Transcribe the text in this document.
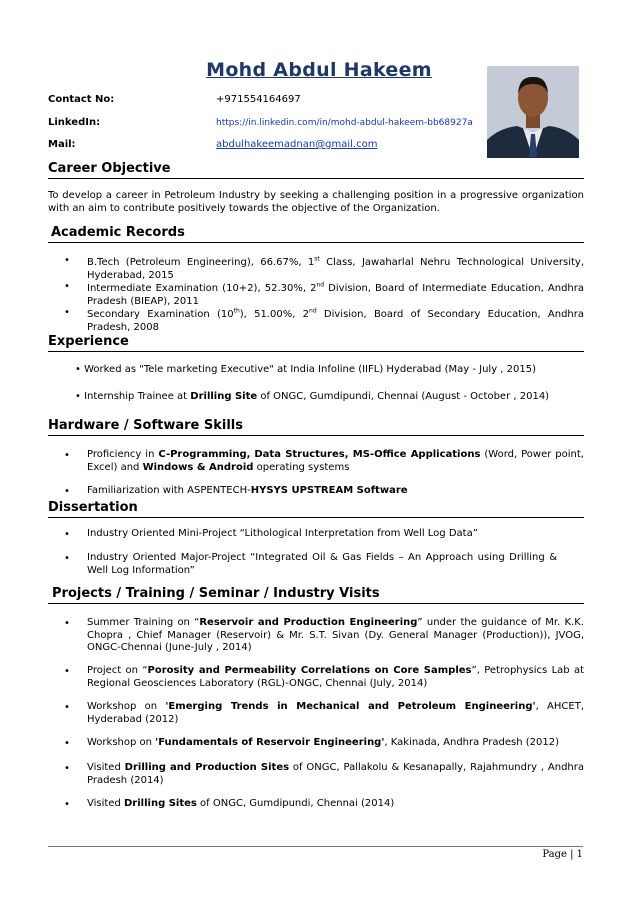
Mohd Abdul Hakeem
Contact No:	+971554164697
LinkedIn:	https://in.linkedin.com/in/mohd-abdul-hakeem-bb68927a
Mail:	abdulhakeemadnan@gmail.com
Career Objective
To develop a career in Petroleum Industry by seeking a challenging position in a progressive organization with an aim to contribute positively towards the objective of the Organization.
Academic Records
• B.Tech (Petroleum Engineering), 66.67%, 1st Class, Jawaharlal Nehru Technological University, Hyderabad, 2015
• Intermediate Examination (10+2), 52.30%, 2nd Division, Board of Intermediate Education, Andhra Pradesh (BIEAP), 2011
• Secondary Examination (10th), 51.00%, 2nd Division, Board of Secondary Education, Andhra Pradesh, 2008
Experience
• Worked as "Tele marketing Executive" at India Infoline (IIFL) Hyderabad (May - July , 2015)
• Internship Trainee at Drilling Site of ONGC, Gumdipundi, Chennai (August - October , 2014)
Hardware / Software Skills
• Proficiency in C-Programming, Data Structures, MS-Office Applications (Word, Power point, Excel) and Windows & Android operating systems
• Familiarization with ASPENTECH-HYSYS UPSTREAM Software
Dissertation
• Industry Oriented Mini-Project “Lithological Interpretation from Well Log Data”
• Industry Oriented Major-Project “Integrated Oil & Gas Fields – An Approach using Drilling & Well Log Information”
Projects / Training / Seminar / Industry Visits
• Summer Training on “Reservoir and Production Engineering” under the guidance of Mr. K.K. Chopra , Chief Manager (Reservoir) & Mr. S.T. Sivan (Dy. General Manager (Production)), JVOG, ONGC-Chennai (June-July , 2014)
• Project on “Porosity and Permeability Correlations on Core Samples”, Petrophysics Lab at Regional Geosciences Laboratory (RGL)-ONGC, Chennai (July, 2014)
• Workshop on 'Emerging Trends in Mechanical and Petroleum Engineering', AHCET, Hyderabad (2012)
• Workshop on 'Fundamentals of Reservoir Engineering', Kakinada, Andhra Pradesh (2012)
• Visited Drilling and Production Sites of ONGC, Pallakolu & Kesanapally, Rajahmundry , Andhra Pradesh (2014)
• Visited Drilling Sites of ONGC, Gumdipundi, Chennai (2014)
Page | 1
